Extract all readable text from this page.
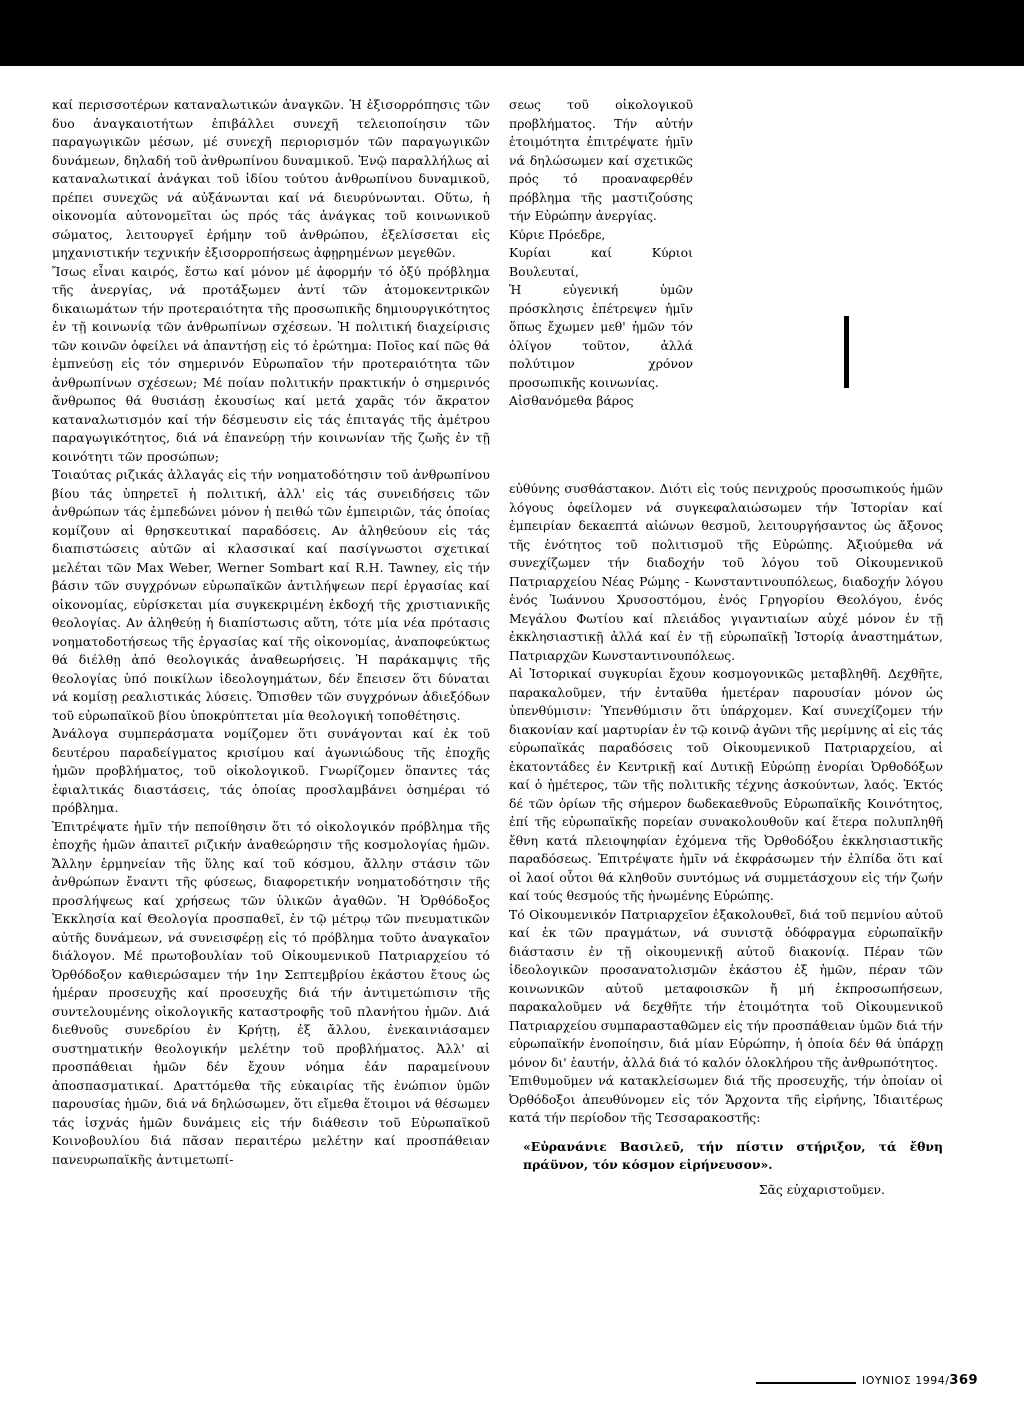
καί περισσοτέρων καταναλωτικών ἀναγκῶν. Ἡ ἐξισορρόπησις τῶν δυο ἀναγκαιοτήτων ἐπιβάλλει συνεχῆ τελειοποίησιν τῶν παραγωγικῶν μέσων, μέ συνεχῆ περιορισμόν τῶν παραγωγικῶν δυνάμεων, δηλαδή τοῦ ἀνθρωπίνου δυναμικοῦ. Ἐνῷ παραλλήλως αἱ καταναλωτικαί ἀνάγκαι τοῦ ἰδίου τούτου ἀνθρωπίνου δυναμικοῦ, πρέπει συνεχῶς νά αὐξάνωνται καί νά διευρύνωνται. Οὕτω, ἡ οἰκονομία αὐτονομεῖται ὡς πρός τάς ἀνάγκας τοῦ κοινωνικοῦ σώματος, λειτουργεῖ ἐρήμην τοῦ ἀνθρώπου, ἐξελίσσεται εἰς μηχανιστικήν τεχνικήν ἐξισορροπήσεως ἀφῃρημένων μεγεθῶν.

Ἴσως εἶναι καιρός, ἔστω καί μόνον μέ ἀφορμήν τό ὀξύ πρόβλημα τῆς ἀνεργίας, νά προτάξωμεν ἀντί τῶν ἀτομοκεντρικῶν δικαιωμάτων τήν προτεραιότητα τῆς προσωπικῆς δημιουργικότητος ἐν τῇ κοινωνίᾳ τῶν ἀνθρωπίνων σχέσεων. Ἡ πολιτική διαχείρισις τῶν κοινῶν ὀφείλει νά ἀπαντήσῃ εἰς τό ἐρώτημα: Ποῖος καί πῶς θά ἐμπνεύσῃ εἰς τόν σημερινόν Εὐρωπαῖον τήν προτεραιότητα τῶν ἀνθρωπίνων σχέσεων; Μέ ποίαν πολιτικήν πρακτικήν ὁ σημερινός ἄνθρωπος θά θυσιάσῃ ἑκουσίως καί μετά χαρᾶς τόν ἄκρατον καταναλωτισμόν καί τήν δέσμευσιν εἰς τάς ἐπιταγάς τῆς ἀμέτρου παραγωγικότητος, διά νά ἐπανεύρῃ τήν κοινωνίαν τῆς ζωῆς ἐν τῇ κοινότητι τῶν προσώπων;

Τοιαύτας ριζικάς ἀλλαγάς εἰς τήν νοηματοδότησιν τοῦ ἀνθρωπίνου βίου τάς ὑπηρετεῖ ἡ πολιτική, ἀλλ' εἰς τάς συνειδήσεις τῶν ἀνθρώπων τάς ἐμπεδώνει μόνον ἡ πειθώ τῶν ἐμπειριῶν, τάς ὁποίας κομίζουν αἱ θρησκευτικαί παραδόσεις. Αν ἀληθεύουν εἰς τάς διαπιστώσεις αὐτῶν αἱ κλασσικαί καί πασίγνωστοι σχετικαί μελέται τῶν Max Weber, Werner Sombart καί R.H. Tawney, εἰς τήν βάσιν τῶν συγχρόνων εὐρωπαϊκῶν ἀντιλήψεων περί ἐργασίας καί οἰκονομίας, εὑρίσκεται μία συγκεκριμένη ἐκδοχή τῆς χριστιανικῆς θεολογίας. Αν ἀληθεύῃ ἡ διαπίστωσις αὕτη, τότε μία νέα πρότασις νοηματοδοτήσεως τῆς ἐργασίας καί τῆς οἰκονομίας, ἀναποφεύκτως θά διέλθῃ ἀπό θεολογικάς ἀναθεωρήσεις. Ἡ παράκαμψις τῆς θεολογίας ὑπό ποικίλων ἰδεολογημάτων, δέν ἔπεισεν ὅτι δύναται νά κομίσῃ ρεαλιστικάς λύσεις. Ὄπισθεν τῶν συγχρόνων ἀδιεξόδων τοῦ εὐρωπαϊκοῦ βίου ὑποκρύπτεται μία θεολογική τοποθέτησις.

Ἀνάλογα συμπεράσματα νομίζομεν ὅτι συνάγονται καί ἐκ τοῦ δευτέρου παραδείγματος κρισίμου καί ἀγωνιώδους τῆς ἐποχῆς ἡμῶν προβλήματος, τοῦ οἰκολογικοῦ. Γνωρίζομεν ὅπαντες τάς ἐφιαλτικάς διαστάσεις, τάς ὁποίας προσλαμβάνει ὁσημέραι τό πρόβλημα.

Ἐπιτρέψατε ἡμῖν τήν πεποίθησιν ὅτι τό οἰκολογικόν πρόβλημα τῆς ἐποχῆς ἡμῶν ἀπαιτεῖ ριζικήν ἀναθεώρησιν τῆς κοσμολογίας ἡμῶν. Ἄλλην ἑρμηνείαν τῆς ὕλης καί τοῦ κόσμου, ἄλλην στάσιν τῶν ἀνθρώπων ἔναντι τῆς φύσεως, διαφορετικήν νοηματοδότησιν τῆς προσλήψεως καί χρήσεως τῶν ὑλικῶν ἀγαθῶν. Ἡ Ὀρθόδοξος Ἐκκλησία καί Θεολογία προσπαθεῖ, ἐν τῷ μέτρῳ τῶν πνευματικῶν αὐτῆς δυνάμεων, νά συνεισφέρῃ εἰς τό πρόβλημα τοῦτο ἀναγκαῖον διάλογον. Μέ πρωτοβουλίαν τοῦ Οἰκουμενικοῦ Πατριαρχείου τό Ὀρθόδοξον καθιερώσαμεν τήν 1ην Σεπτεμβρίου ἑκάστου ἔτους ὡς ἡμέραν προσευχῆς καί προσευχῆς διά τήν ἀντιμετώπισιν τῆς συντελουμένης οἰκολογικῆς καταστροφῆς τοῦ πλανήτου ἡμῶν. Διά διεθνοῦς συνεδρίου ἐν Κρήτῃ, ἐξ ἄλλου, ἐνεκαινιάσαμεν συστηματικήν θεολογικήν μελέτην τοῦ προβλήματος. Ἀλλ' αἱ προσπάθειαι ἡμῶν δέν ἔχουν νόημα ἐάν παραμείνουν ἀποσπασματικαί. Δραττόμεθα τῆς εὐκαιρίας τῆς ἐνώπιον ὑμῶν παρουσίας ἡμῶν, διά νά δηλώσωμεν, ὅτι εἴμεθα ἕτοιμοι νά θέσωμεν τάς ἰσχνάς ἡμῶν δυνάμεις εἰς τήν διάθεσιν τοῦ Εὐρωπαϊκοῦ Κοινοβουλίου διά πᾶσαν περαιτέρω μελέτην καί προσπάθειαν πανευρωπαϊκῆς ἀντιμετωπί-

σεως τοῦ οἰκολογικοῦ προβλήματος. Τήν αὐτήν ἑτοιμότητα ἐπιτρέψατε ἡμῖν νά δηλώσωμεν καί σχετικῶς πρός τό προαναφερθέν πρόβλημα τῆς μαστιζούσης τήν Εὐρώπην ἀνεργίας.

Κύριε Πρόεδρε,

Κυρίαι καί Κύριοι Βουλευταί,

Ἡ εὐγενική ὑμῶν πρόσκλησις ἐπέτρεψεν ἡμῖν ὅπως ἔχωμεν μεθ' ἡμῶν τόν ὀλίγον τοῦτον, ἀλλά πολύτιμον χρόνον προσωπικῆς κοινωνίας.

Αἰσθανόμεθα βάρος

εὐθύνης συσθάστακον. Διότι εἰς τούς πενιχρούς προσωπικούς ἡμῶν λόγους ὀφείλομεν νά συγκεφαλαιώσωμεν τήν Ἱστορίαν καί ἐμπειρίαν δεκαεπτά αἰώνων θεσμοῦ, λειτουργήσαντος ὡς ἄξονος τῆς ἑνότητος τοῦ πολιτισμοῦ τῆς Εὐρώπης. Ἀξιούμεθα νά συνεχίζωμεν τήν διαδοχήν τοῦ λόγου τοῦ Οἰκουμενικοῦ Πατριαρχείου Νέας Ρώμης - Κωνσταντινουπόλεως, διαδοχήν λόγου ἑνός Ἰωάννου Χρυσοστόμου, ἑνός Γρηγορίου Θεολόγου, ἑνός Μεγάλου Φωτίου καί πλειάδος γιγαντιαίων αὐχέ μόνον ἐν τῇ ἐκκλησιαστικῇ ἀλλά καί ἐν τῇ εὐρωπαϊκῇ Ἱστορίᾳ ἀναστημάτων, Πατριαρχῶν Κωνσταντινουπόλεως.

Αἱ Ἱστορικαί συγκυρίαι ἔχουν κοσμογονικῶς μεταβληθῆ. Δεχθῆτε, παρακαλοῦμεν, τήν ἐνταῦθα ἡμετέραν παρουσίαν μόνον ὡς ὑπενθύμισιν: Ὑπενθύμισιν ὅτι ὑπάρχομεν. Καί συνεχίζομεν τήν διακονίαν καί μαρτυρίαν ἐν τῷ κοινῷ ἀγῶνι τῆς μερίμνης αἱ εἰς τάς εὐρωπαϊκάς παραδόσεις τοῦ Οἰκουμενικοῦ Πατριαρχείου, αἱ ἑκατοντάδες ἐν Κεντρικῇ καί Δυτικῇ Εὐρώπῃ ἐνορίαι Ὀρθοδόξων καί ὁ ἡμέτερος, τῶν τῆς πολιτικῆς τέχνης ἀσκούντων, λαός. Ἐκτός δέ τῶν ὁρίων τῆς σήμερον δωδεκαεθνοῦς Εὐρωπαϊκῆς Κοινότητος, ἐπί τῆς εὐρωπαϊκῆς πορείαν συνακολουθοῦν καί ἕτερα πολυπληθῆ ἔθνη κατά πλειοψηφίαν ἐχόμενα τῆς Ὀρθοδόξου ἐκκλησιαστικῆς παραδόσεως. Ἐπιτρέψατε ἡμῖν νά ἐκφράσωμεν τήν ἐλπίδα ὅτι καί οἱ λαοί οὗτοι θά κληθοῦν συντόμως νά συμμετάσχουν εἰς τήν ζωήν καί τούς θεσμούς τῆς ἡνωμένης Εὐρώπης.

Τό Οἰκουμενικόν Πατριαρχεῖον ἐξακολουθεῖ, διά τοῦ πεμνίου αὐτοῦ καί ἐκ τῶν πραγμάτων, νά συνιστᾷ ὁδόφραγμα εὐρωπαϊκῆν διάστασιν ἐν τῇ οἰκουμενικῇ αὐτοῦ διακονίᾳ. Πέραν τῶν ἰδεολογικῶν προσανατολισμῶν ἑκάστου ἐξ ἡμῶν, πέραν τῶν κοινωνικῶν αὐτοῦ μεταφοισκῶν ἤ μή ἐκπροσωπήσεων, παρακαλοῦμεν νά δεχθῆτε τήν ἑτοιμότητα τοῦ Οἰκουμενικοῦ Πατριαρχείου συμπαρασταθῶμεν εἰς τήν προσπάθειαν ὑμῶν διά τήν εὐρωπαϊκήν ἑνοποίησιν, διά μίαν Εὐρώπην, ἡ ὁποία δέν θά ὑπάρχῃ μόνον δι' ἑαυτήν, ἀλλά διά τό καλόν ὁλοκλήρου τῆς ἀνθρωπότητος.

Ἐπιθυμοῦμεν νά κατακλείσωμεν διά τῆς προσευχῆς, τήν ὁποίαν οἱ Ὀρθόδοξοι ἀπευθύνομεν εἰς τόν Ἄρχοντα τῆς εἰρήνης, Ἰδιαιτέρως κατά τήν περίοδον τῆς Τεσσαρακοστῆς:

«Εὐρανάνιε Βασιλεῦ, τήν πίστιν στήριξον, τά ἔθνη πράϋνον, τόν κόσμον εἰρήνευσον».

Σᾶς εὐχαριστοῦμεν.

ΙΟΥΝΙΟΣ 1994/369
